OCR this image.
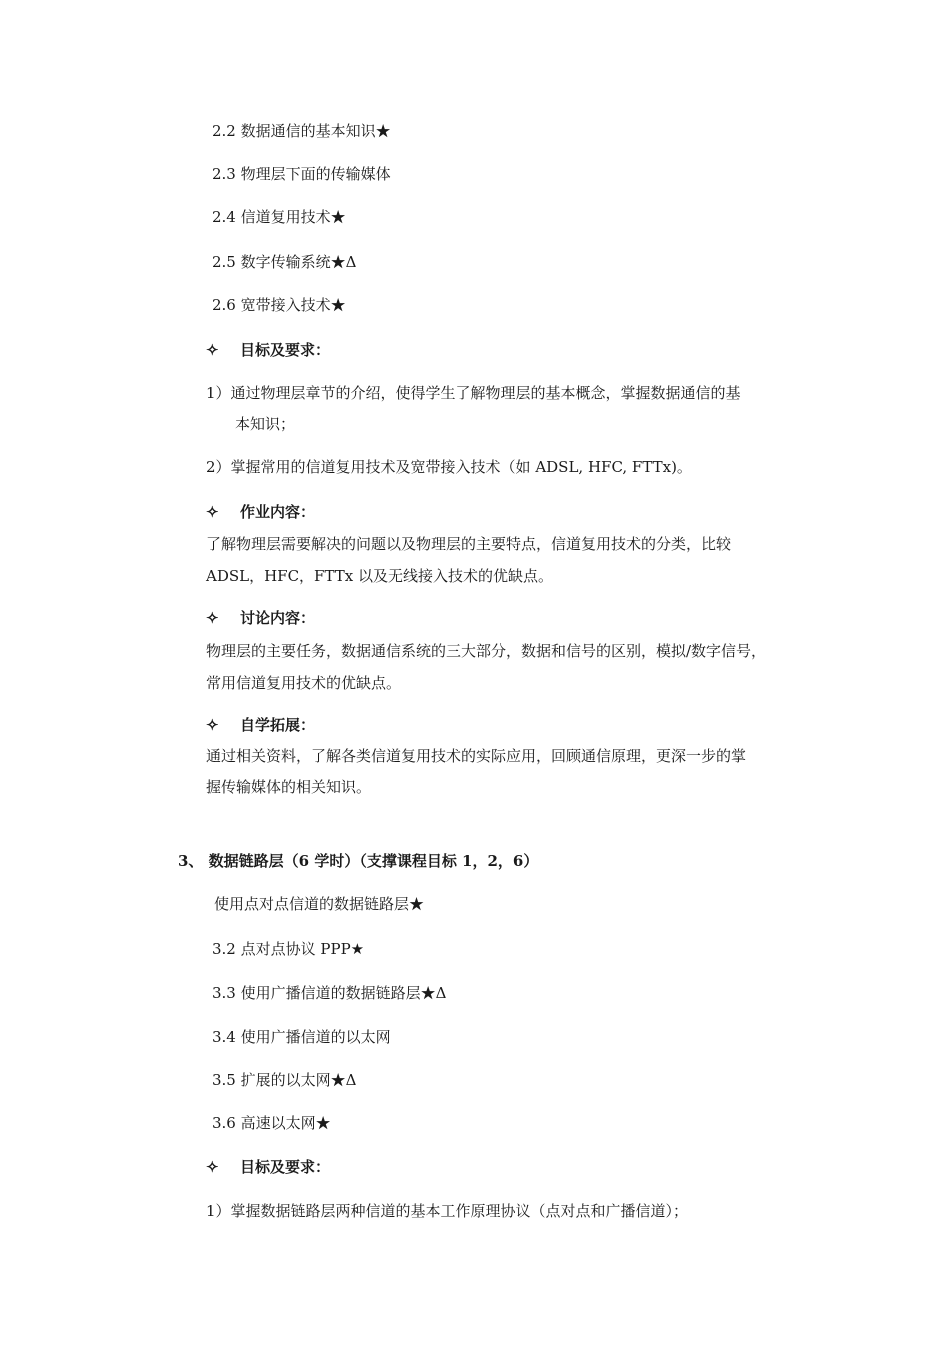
2.2 数据通信的基本知识★
2.3 物理层下面的传输媒体
2.4 信道复用技术★
2.5 数字传输系统★Δ
2.6 宽带接入技术★
✧ 目标及要求：
1）通过物理层章节的介绍，使得学生了解物理层的基本概念，掌握数据通信的基
本知识；
2）掌握常用的信道复用技术及宽带接入技术（如 ADSL, HFC, FTTx)。
✧ 作业内容：
了解物理层需要解决的问题以及物理层的主要特点，信道复用技术的分类，比较
ADSL，HFC，FTTx 以及无线接入技术的优缺点。
✧ 讨论内容：
物理层的主要任务，数据通信系统的三大部分，数据和信号的区别，模拟/数字信号，
常用信道复用技术的优缺点。
✧ 自学拓展：
通过相关资料，了解各类信道复用技术的实际应用，回顾通信原理，更深一步的掌
握传输媒体的相关知识。
3、 数据链路层（6 学时）（支撑课程目标 1，2，6）
使用点对点信道的数据链路层★
3.2 点对点协议 PPP★
3.3 使用广播信道的数据链路层★Δ
3.4 使用广播信道的以太网
3.5 扩展的以太网★Δ
3.6 高速以太网★
✧ 目标及要求：
1）掌握数据链路层两种信道的基本工作原理协议（点对点和广播信道）；
